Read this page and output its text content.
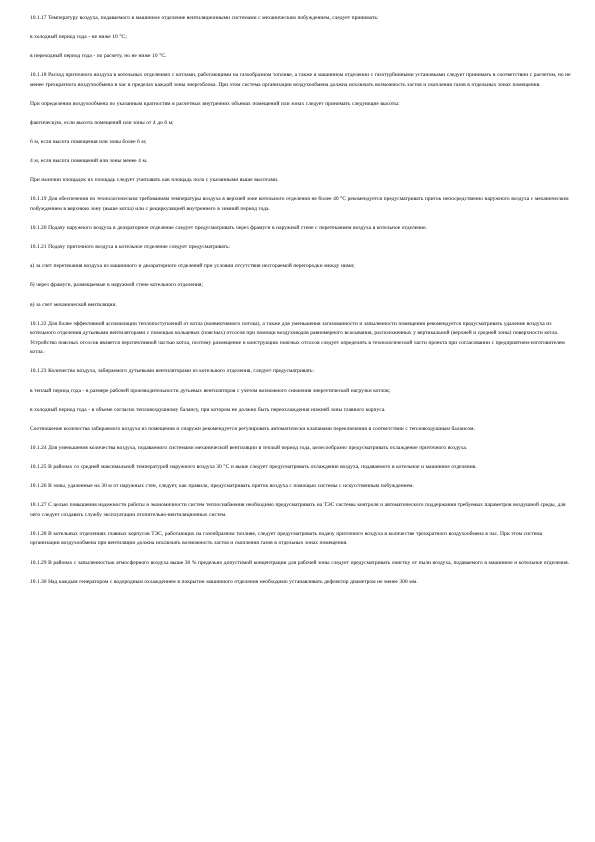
10.1.17 Температуру воздуха, подаваемого в машинное отделение вентиляционными системами с механическим побуждением, следует принимать:

в холодный период года - не ниже 10 °С;

в переходный период года - по расчету, но не ниже 10 °С.

10.1.18 Расход приточного воздуха в котельных отделениях с котлами, работающими на газообразном топливе, а также в машинном отделении с газотурбинными установками следует принимать в соответствии с расчетом, но не менее трехкратного воздухообмена в час в пределах каждой зоны энергоблока. При этом система организации воздухообмена должна исключать возможность застоя и скопления газов в отдельных зонах помещения.

При определении воздухообмена по указанным кратностям в расчетных внутренних объемах помещений или зонах следует принимать следующие высоты:

фактическую, если высота помещений или зоны от 4 до 6 м;

6 м, если высота помещения или зоны более 6 м;

4 м, если высота помещений или зоны менее 4 м.

При наличии площадок их площадь следует учитывать как площадь пола с указанными выше высотами.

10.1.19 Для обеспечения по технологическим требованиям температуры воздуха в верхней зоне котельного отделения не более 40 °С рекомендуется предусматривать приток непосредственно наружного воздуха с механическим побуждением в верхнюю зону (выше котла) или с рециркуляцией внутреннего в зимний период года.

10.1.20 Подачу наружного воздуха в деаэраторное отделение следует предусматривать через фрамуги в наружной стене с перетеканием воздуха в котельное отделение.

10.1.21 Подачу приточного воздуха в котельное отделение следует предусматривать:

а) за счет перетекания воздуха из машинного и деаэраторного отделений при условии отсутствия несгораемой перегородки между ними;

б) через фрамуги, размещаемые в наружной стене котельного отделения;

в) за счет механической вентиляции.

10.1.22 Для более эффективной ассимиляции теплопоступлений от котла (конвективного потока), а также для уменьшения загазованности и запыленности помещения рекомендуется предусматривать удаление воздуха из котельного отделения дутьевыми вентиляторами с помощью кольцевых (поясных) отсосов при помощи воздуховодов равномерного всасывания, расположенных у вертикальной (верхней и средней зоны) поверхности котла. Устройство поясных отсосов является перспективной частью котла, поэтому размещение и конструкцию поясных отсосов следует определять в технологической части проекта при согласовании с предприятием-изготовителем котла.

10.1.23 Количество воздуха, забираемого дутьевыми вентиляторами из котельного отделения, следует предусматривать:

в теплый период года - в размере рабочей производительности дутьевых вентиляторов с учетом возможного снижения энергетической нагрузки котлов;

в холодный период года - в объеме согласно тепловоздушному балансу, при котором не должно быть переохлаждения нижней зоны главного корпуса.

Соотношение количества забираемого воздуха из помещения и снаружи рекомендуется регулировать автоматически клапанами переключения в соответствии с тепловоздушным балансом.

10.1.24 Для уменьшения количества воздуха, подаваемого системами механической вентиляции в теплый период года, целесообразно предусматривать охлаждение приточного воздуха.

10.1.25 В районах со средней максимальной температурой наружного воздуха 30 °С и выше следует предусматривать охлаждение воздуха, подаваемого в котельное и машинное отделения.

10.1.26 В зоны, удаленные на 30 м от наружных стен, следует, как правило, предусматривать приток воздуха с помощью системы с искусственным побуждением.

10.1.27 С целью повышения надежности работы и экономичности систем теплоснабжения необходимо предусматривать на ТЭС системы контроля и автоматического поддержания требуемых параметров воздушной среды, для чего следует создавать службу эксплуатации отопительно-вентиляционных систем.

10.1.28 В котельных отделениях главных корпусов ТЭС, работающих на газообразном топливе, следует предусматривать подачу приточного воздуха в количестве трехкратного воздухообмена в час. При этом система организации воздухообмена при вентиляции должна исключать возможность застоя и скопления газов в отдельных зонах помещения.

10.1.29 В районах с запыленностью атмосферного воздуха выше 30 % предельно допустимой концентрации для рабочей зоны следует предусматривать очистку от пыли воздуха, подаваемого в машинное и котельное отделения.

10.1.30 Над каждым генератором с водородным охлаждением в покрытии машинного отделения необходимо устанавливать дефлектор диаметром не менее 300 мм.
